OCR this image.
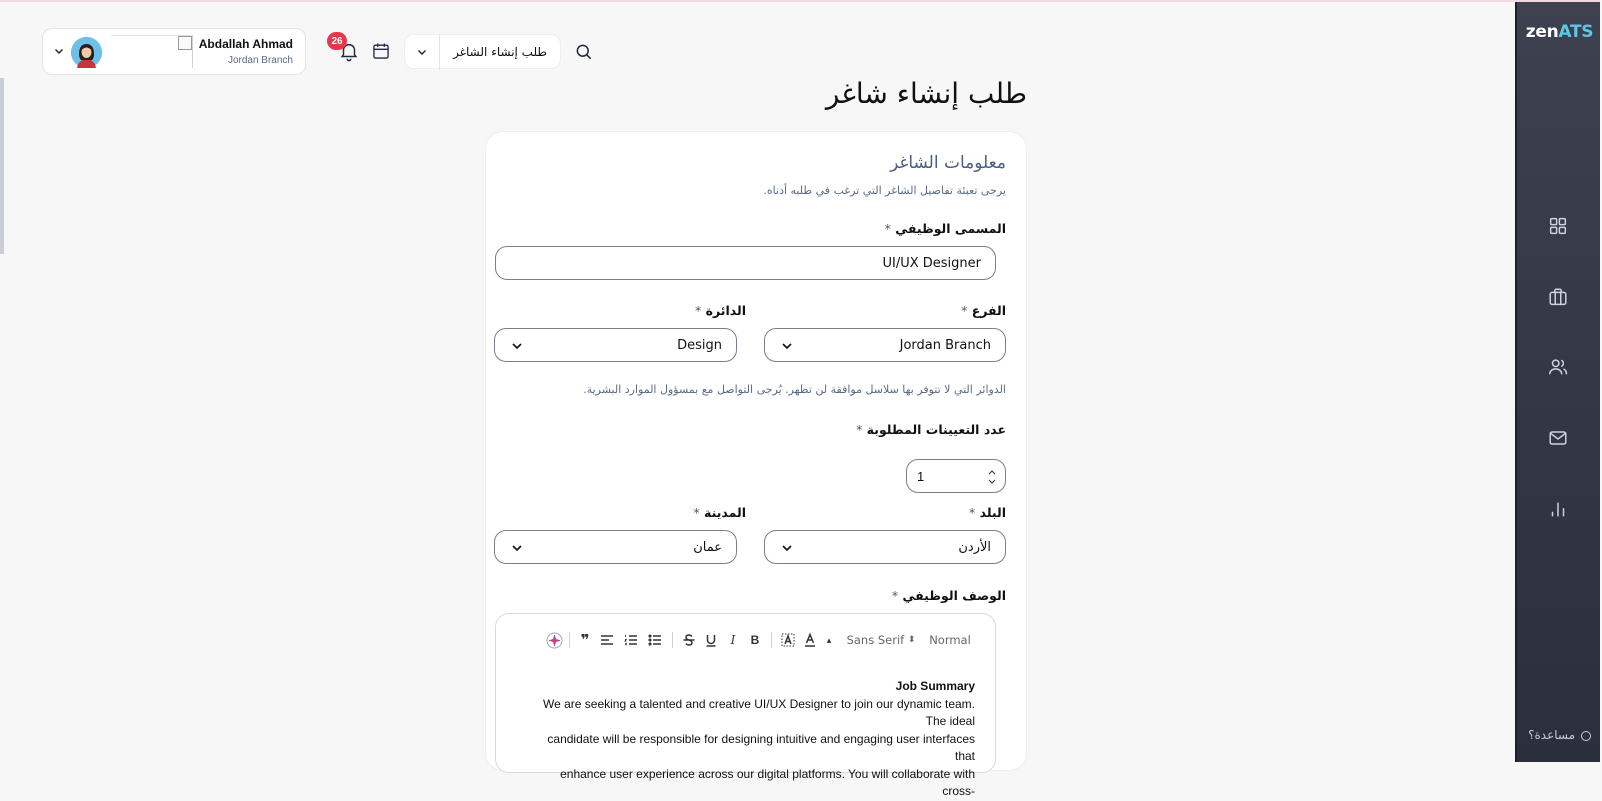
zenATS
مساعدة؟
Abdallah Ahmad
Jordan Branch
26
طلب إنشاء الشاغر
طلب إنشاء شاغر
معلومات الشاغر
يرجى تعبئة تفاصيل الشاغر التي ترغب في طلبه أدناه.
المسمى الوظيفي *
UI/UX Designer
الفرع *
Jordan Branch
الدائرة *
Design
الدوائر التي لا تتوفر بها سلاسل موافقة لن تظهر. يُرجى التواصل مع بمسؤول الموارد البشرية.
عدد التعيينات المطلوبة *
1
البلد *
الأردن
المدينة *
عمان
الوصف الوظيفي *
❞	I B	▴ Sans Serif
⬍ Normal
Job Summary
We are seeking a talented and creative UI/UX Designer to join our dynamic team. The ideal
candidate will be responsible for designing intuitive and engaging user interfaces that
enhance user experience across our digital platforms. You will collaborate with cross-
